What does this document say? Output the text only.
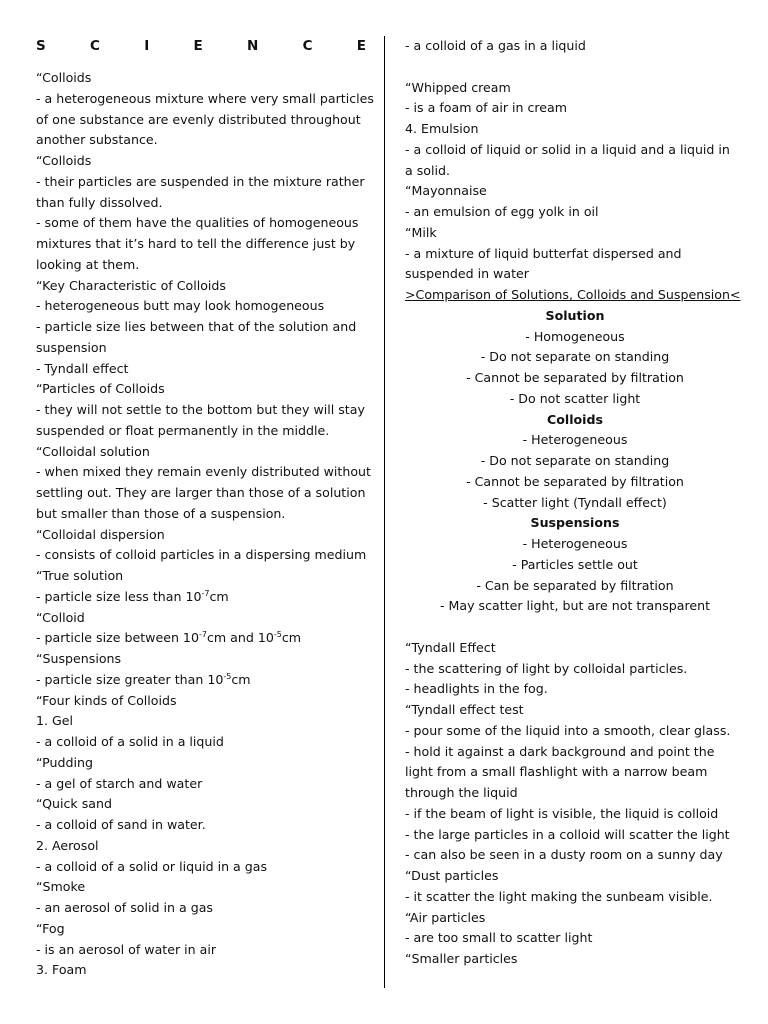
S	C	I	E	N	C	E
“Colloids
- a heterogeneous mixture where very small particles
of one substance are evenly distributed throughout
another substance.
“Colloids
- their particles are suspended in the mixture rather
than fully dissolved.
- some of them have the qualities of homogeneous
mixtures that it’s hard to tell the difference just by
looking at them.
“Key Characteristic of Colloids
- heterogeneous butt may look homogeneous
- particle size lies between that of the solution and
suspension
- Tyndall effect
“Particles of Colloids
- they will not settle to the bottom but they will stay
suspended or float permanently in the middle.
“Colloidal solution
- when mixed they remain evenly distributed without
settling out. They are larger than those of a solution
but smaller than those of a suspension.
“Colloidal dispersion
- consists of colloid particles in a dispersing medium
“True solution
- particle size less than $10^{-7}cm$
“Colloid
- particle size between $10^{-7}cm$ and $10^{-5}cm$
“Suspensions
- particle size greater than $10^{-5}cm$
“Four kinds of Colloids
1. Gel
- a colloid of a solid in a liquid
“Pudding
- a gel of starch and water
“Quick sand
- a colloid of sand in water.
2. Aerosol
- a colloid of a solid or liquid in a gas
“Smoke
- an aerosol of solid in a gas
“Fog
- is an aerosol of water in air
3. Foam
- a colloid of a gas in a liquid
“Whipped cream
- is a foam of air in cream
4. Emulsion
- a colloid of liquid or solid in a liquid and a liquid in
a solid.
“Mayonnaise
- an emulsion of egg yolk in oil
“Milk
- a mixture of liquid butterfat dispersed and
suspended in water
>Comparison of Solutions, Colloids and Suspension<
Solution
- Homogeneous
- Do not separate on standing
- Cannot be separated by filtration
- Do not scatter light
Colloids
- Heterogeneous
- Do not separate on standing
- Cannot be separated by filtration
- Scatter light (Tyndall effect)
Suspensions
- Heterogeneous
- Particles settle out
- Can be separated by filtration
- May scatter light, but are not transparent
“Tyndall Effect
- the scattering of light by colloidal particles.
- headlights in the fog.
“Tyndall effect test
- pour some of the liquid into a smooth, clear glass.
- hold it against a dark background and point the
light from a small flashlight with a narrow beam
through the liquid
- if the beam of light is visible, the liquid is colloid
- the large particles in a colloid will scatter the light
- can also be seen in a dusty room on a sunny day
“Dust particles
- it scatter the light making the sunbeam visible.
“Air particles
- are too small to scatter light
“Smaller particles
